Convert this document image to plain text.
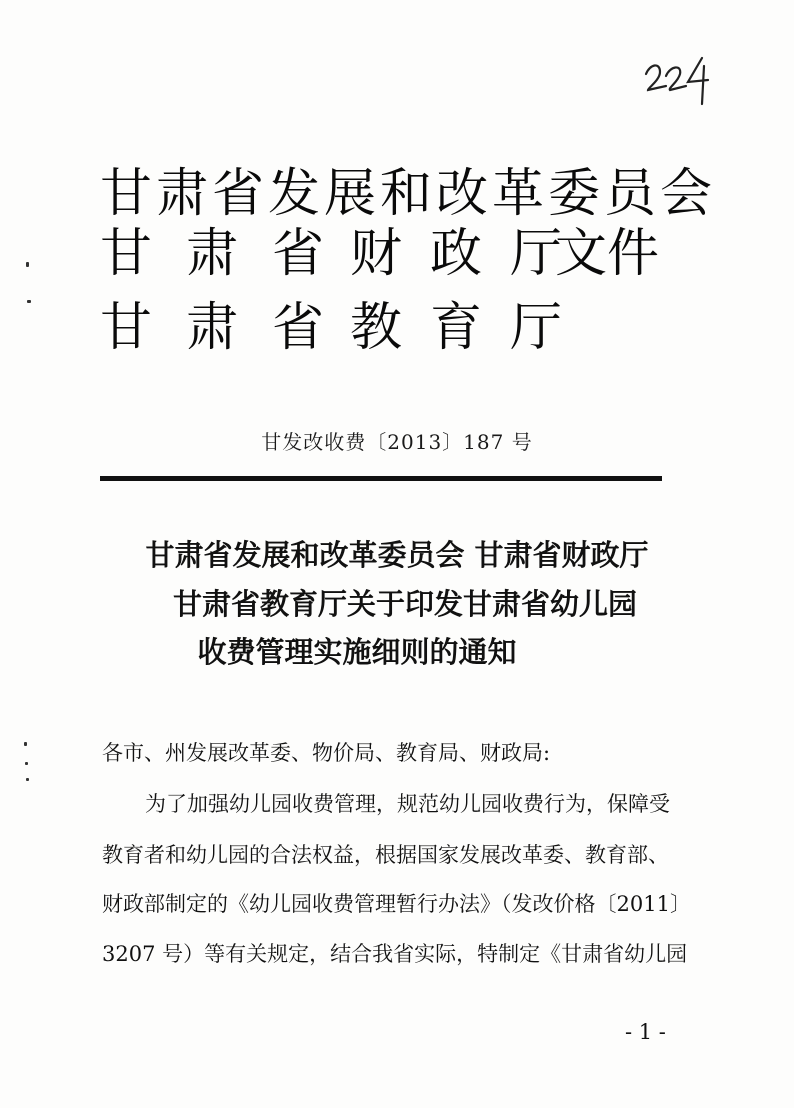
甘肃省发展和改革委员会
甘 肃 省 财 政 厅
文件
甘 肃 省 教 育 厅
甘发改收费〔2013〕187 号
甘肃省发展和改革委员会 甘肃省财政厅
甘肃省教育厅关于印发甘肃省幼儿园
收费管理实施细则的通知
各市、州发展改革委、物价局、教育局、财政局:
为了加强幼儿园收费管理，规范幼儿园收费行为，保障受
教育者和幼儿园的合法权益，根据国家发展改革委、教育部、
财政部制定的《幼儿园收费管理暂行办法》（发改价格〔2011〕
3207 号）等有关规定，结合我省实际，特制定《甘肃省幼儿园
- 1 -
